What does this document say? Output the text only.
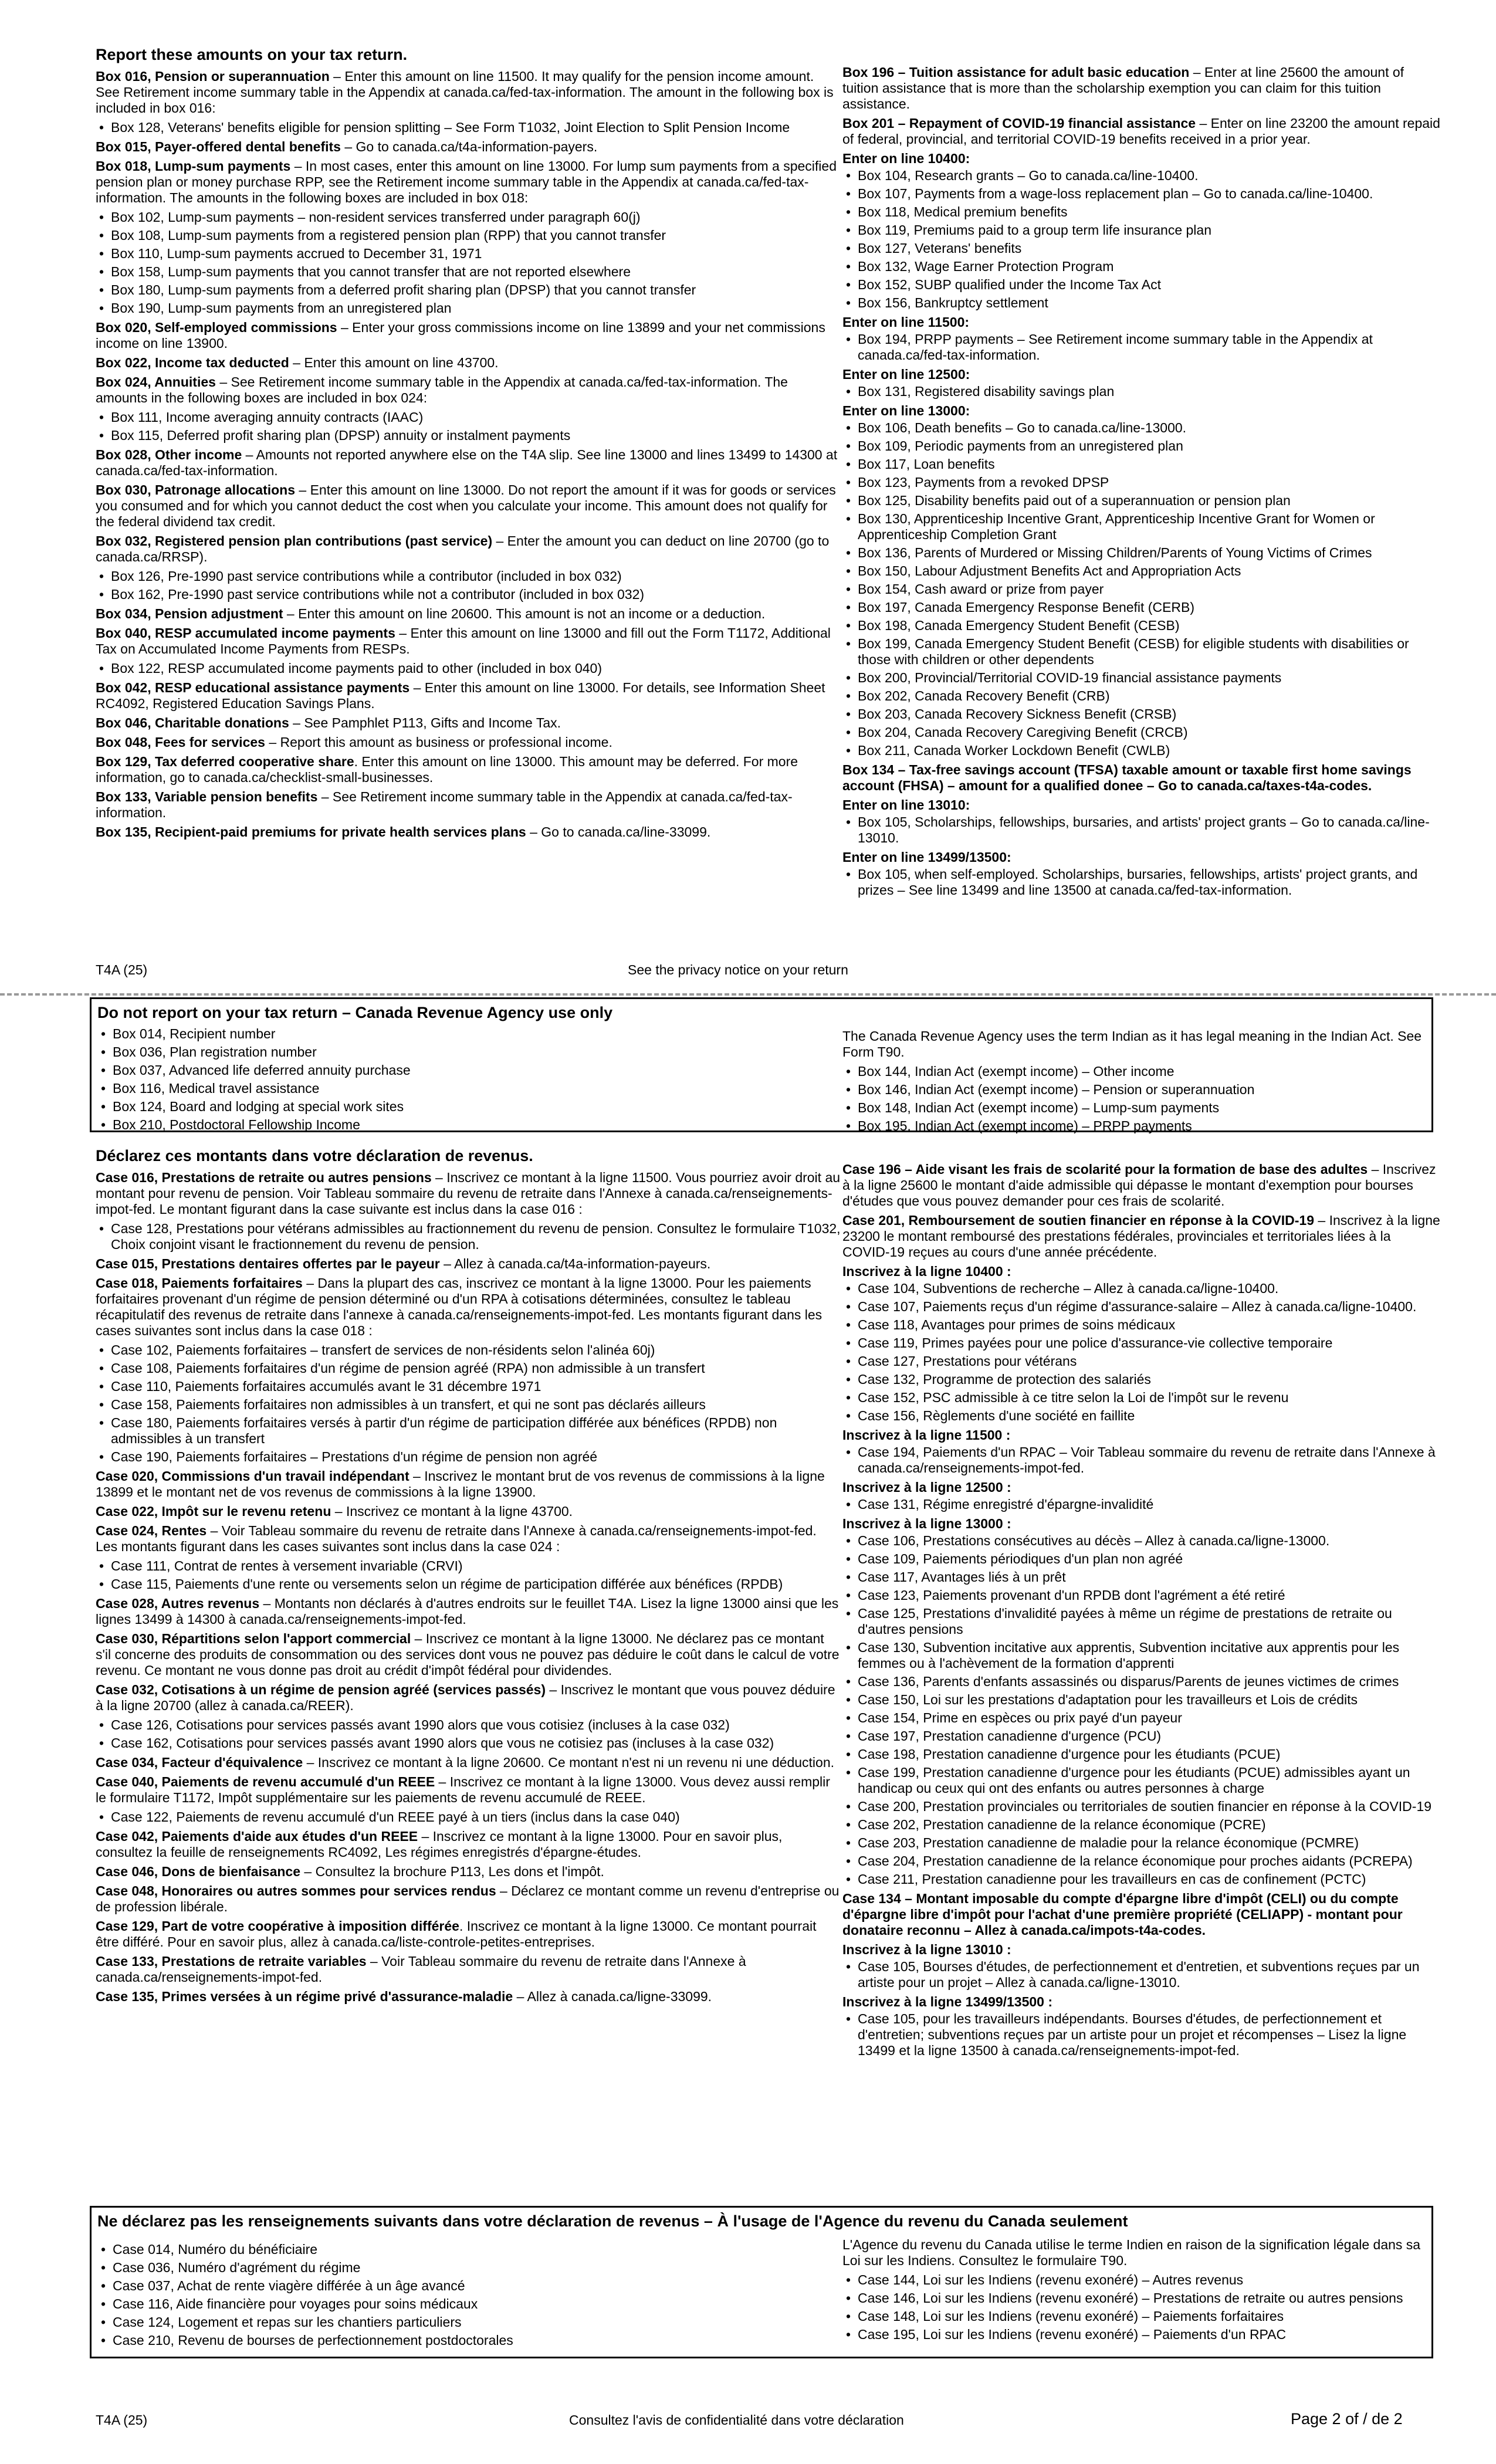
Report these amounts on your tax return.
Box 016, Pension or superannuation – Enter this amount on line 11500. It may qualify for the pension income amount. See Retirement income summary table in the Appendix at canada.ca/fed-tax-information. The amount in the following box is included in box 016:
• Box 128, Veterans' benefits eligible for pension splitting – See Form T1032, Joint Election to Split Pension Income
Box 015, Payer-offered dental benefits – Go to canada.ca/t4a-information-payers.
Box 018, Lump-sum payments – In most cases, enter this amount on line 13000. For lump sum payments from a specified pension plan or money purchase RPP, see the Retirement income summary table in the Appendix at canada.ca/fed-tax-information. The amounts in the following boxes are included in box 018:
• Box 102, Lump-sum payments – non-resident services transferred under paragraph 60(j)
• Box 108, Lump-sum payments from a registered pension plan (RPP) that you cannot transfer
• Box 110, Lump-sum payments accrued to December 31, 1971
• Box 158, Lump-sum payments that you cannot transfer that are not reported elsewhere
• Box 180, Lump-sum payments from a deferred profit sharing plan (DPSP) that you cannot transfer
• Box 190, Lump-sum payments from an unregistered plan
Box 020, Self-employed commissions – Enter your gross commissions income on line 13899 and your net commissions income on line 13900.
Box 022, Income tax deducted – Enter this amount on line 43700.
Box 024, Annuities – See Retirement income summary table in the Appendix at canada.ca/fed-tax-information. The amounts in the following boxes are included in box 024:
• Box 111, Income averaging annuity contracts (IAAC)
• Box 115, Deferred profit sharing plan (DPSP) annuity or instalment payments
Box 028, Other income – Amounts not reported anywhere else on the T4A slip. See line 13000 and lines 13499 to 14300 at canada.ca/fed-tax-information.
Box 030, Patronage allocations – Enter this amount on line 13000. Do not report the amount if it was for goods or services you consumed and for which you cannot deduct the cost when you calculate your income. This amount does not qualify for the federal dividend tax credit.
Box 032, Registered pension plan contributions (past service) – Enter the amount you can deduct on line 20700 (go to canada.ca/RRSP).
• Box 126, Pre-1990 past service contributions while a contributor (included in box 032)
• Box 162, Pre-1990 past service contributions while not a contributor (included in box 032)
Box 034, Pension adjustment – Enter this amount on line 20600. This amount is not an income or a deduction.
Box 040, RESP accumulated income payments – Enter this amount on line 13000 and fill out the Form T1172, Additional Tax on Accumulated Income Payments from RESPs.
• Box 122, RESP accumulated income payments paid to other (included in box 040)
Box 042, RESP educational assistance payments – Enter this amount on line 13000. For details, see Information Sheet RC4092, Registered Education Savings Plans.
Box 046, Charitable donations – See Pamphlet P113, Gifts and Income Tax.
Box 048, Fees for services – Report this amount as business or professional income.
Box 129, Tax deferred cooperative share. Enter this amount on line 13000. This amount may be deferred. For more information, go to canada.ca/checklist-small-businesses.
Box 133, Variable pension benefits – See Retirement income summary table in the Appendix at canada.ca/fed-tax-information.
Box 135, Recipient-paid premiums for private health services plans – Go to canada.ca/line-33099.
Box 196 – Tuition assistance for adult basic education – Enter at line 25600 the amount of tuition assistance that is more than the scholarship exemption you can claim for this tuition assistance.
Box 201 – Repayment of COVID-19 financial assistance – Enter on line 23200 the amount repaid of federal, provincial, and territorial COVID-19 benefits received in a prior year.
Enter on line 10400:
• Box 104, Research grants – Go to canada.ca/line-10400.
• Box 107, Payments from a wage-loss replacement plan – Go to canada.ca/line-10400.
• Box 118, Medical premium benefits
• Box 119, Premiums paid to a group term life insurance plan
• Box 127, Veterans' benefits
• Box 132, Wage Earner Protection Program
• Box 152, SUBP qualified under the Income Tax Act
• Box 156, Bankruptcy settlement
Enter on line 11500:
• Box 194, PRPP payments – See Retirement income summary table in the Appendix at canada.ca/fed-tax-information.
Enter on line 12500:
• Box 131, Registered disability savings plan
Enter on line 13000:
• Box 106, Death benefits – Go to canada.ca/line-13000.
• Box 109, Periodic payments from an unregistered plan
• Box 117, Loan benefits
• Box 123, Payments from a revoked DPSP
• Box 125, Disability benefits paid out of a superannuation or pension plan
• Box 130, Apprenticeship Incentive Grant, Apprenticeship Incentive Grant for Women or Apprenticeship Completion Grant
• Box 136, Parents of Murdered or Missing Children/Parents of Young Victims of Crimes
• Box 150, Labour Adjustment Benefits Act and Appropriation Acts
• Box 154, Cash award or prize from payer
• Box 197, Canada Emergency Response Benefit (CERB)
• Box 198, Canada Emergency Student Benefit (CESB)
• Box 199, Canada Emergency Student Benefit (CESB) for eligible students with disabilities or those with children or other dependents
• Box 200, Provincial/Territorial COVID-19 financial assistance payments
• Box 202, Canada Recovery Benefit (CRB)
• Box 203, Canada Recovery Sickness Benefit (CRSB)
• Box 204, Canada Recovery Caregiving Benefit (CRCB)
• Box 211, Canada Worker Lockdown Benefit (CWLB)
Box 134 – Tax-free savings account (TFSA) taxable amount or taxable first home savings account (FHSA) – amount for a qualified donee – Go to canada.ca/taxes-t4a-codes.
Enter on line 13010:
• Box 105, Scholarships, fellowships, bursaries, and artists' project grants – Go to canada.ca/line-13010.
Enter on line 13499/13500:
• Box 105, when self-employed. Scholarships, bursaries, fellowships, artists' project grants, and prizes – See line 13499 and line 13500 at canada.ca/fed-tax-information.
T4A (25)	See the privacy notice on your return
Do not report on your tax return – Canada Revenue Agency use only
• Box 014, Recipient number
• Box 036, Plan registration number
• Box 037, Advanced life deferred annuity purchase
• Box 116, Medical travel assistance
• Box 124, Board and lodging at special work sites
• Box 210, Postdoctoral Fellowship Income
The Canada Revenue Agency uses the term Indian as it has legal meaning in the Indian Act. See Form T90.
• Box 144, Indian Act (exempt income) – Other income
• Box 146, Indian Act (exempt income) – Pension or superannuation
• Box 148, Indian Act (exempt income) – Lump-sum payments
• Box 195, Indian Act (exempt income) – PRPP payments
Déclarez ces montants dans votre déclaration de revenus.
Case 016, Prestations de retraite ou autres pensions – Inscrivez ce montant à la ligne 11500. Vous pourriez avoir droit au montant pour revenu de pension. Voir Tableau sommaire du revenu de retraite dans l'Annexe à canada.ca/renseignements-impot-fed. Le montant figurant dans la case suivante est inclus dans la case 016 :
• Case 128, Prestations pour vétérans admissibles au fractionnement du revenu de pension. Consultez le formulaire T1032, Choix conjoint visant le fractionnement du revenu de pension.
Case 015, Prestations dentaires offertes par le payeur – Allez à canada.ca/t4a-information-payeurs.
Case 018, Paiements forfaitaires – Dans la plupart des cas, inscrivez ce montant à la ligne 13000. Pour les paiements forfaitaires provenant d'un régime de pension déterminé ou d'un RPA à cotisations déterminées, consultez le tableau récapitulatif des revenus de retraite dans l'annexe à canada.ca/renseignements-impot-fed. Les montants figurant dans les cases suivantes sont inclus dans la case 018 :
• Case 102, Paiements forfaitaires – transfert de services de non-résidents selon l'alinéa 60j)
• Case 108, Paiements forfaitaires d'un régime de pension agréé (RPA) non admissible à un transfert
• Case 110, Paiements forfaitaires accumulés avant le 31 décembre 1971
• Case 158, Paiements forfaitaires non admissibles à un transfert, et qui ne sont pas déclarés ailleurs
• Case 180, Paiements forfaitaires versés à partir d'un régime de participation différée aux bénéfices (RPDB) non admissibles à un transfert
• Case 190, Paiements forfaitaires – Prestations d'un régime de pension non agréé
Case 020, Commissions d'un travail indépendant – Inscrivez le montant brut de vos revenus de commissions à la ligne 13899 et le montant net de vos revenus de commissions à la ligne 13900.
Case 022, Impôt sur le revenu retenu – Inscrivez ce montant à la ligne 43700.
Case 024, Rentes – Voir Tableau sommaire du revenu de retraite dans l'Annexe à canada.ca/renseignements-impot-fed. Les montants figurant dans les cases suivantes sont inclus dans la case 024 :
• Case 111, Contrat de rentes à versement invariable (CRVI)
• Case 115, Paiements d'une rente ou versements selon un régime de participation différée aux bénéfices (RPDB)
Case 028, Autres revenus – Montants non déclarés à d'autres endroits sur le feuillet T4A. Lisez la ligne 13000 ainsi que les lignes 13499 à 14300 à canada.ca/renseignements-impot-fed.
Case 030, Répartitions selon l'apport commercial – Inscrivez ce montant à la ligne 13000. Ne déclarez pas ce montant s'il concerne des produits de consommation ou des services dont vous ne pouvez pas déduire le coût dans le calcul de votre revenu. Ce montant ne vous donne pas droit au crédit d'impôt fédéral pour dividendes.
Case 032, Cotisations à un régime de pension agréé (services passés) – Inscrivez le montant que vous pouvez déduire à la ligne 20700 (allez à canada.ca/REER).
• Case 126, Cotisations pour services passés avant 1990 alors que vous cotisiez (incluses à la case 032)
• Case 162, Cotisations pour services passés avant 1990 alors que vous ne cotisiez pas (incluses à la case 032)
Case 034, Facteur d'équivalence – Inscrivez ce montant à la ligne 20600. Ce montant n'est ni un revenu ni une déduction.
Case 040, Paiements de revenu accumulé d'un REEE – Inscrivez ce montant à la ligne 13000. Vous devez aussi remplir le formulaire T1172, Impôt supplémentaire sur les paiements de revenu accumulé de REEE.
• Case 122, Paiements de revenu accumulé d'un REEE payé à un tiers (inclus dans la case 040)
Case 042, Paiements d'aide aux études d'un REEE – Inscrivez ce montant à la ligne 13000. Pour en savoir plus, consultez la feuille de renseignements RC4092, Les régimes enregistrés d'épargne-études.
Case 046, Dons de bienfaisance – Consultez la brochure P113, Les dons et l'impôt.
Case 048, Honoraires ou autres sommes pour services rendus – Déclarez ce montant comme un revenu d'entreprise ou de profession libérale.
Case 129, Part de votre coopérative à imposition différée. Inscrivez ce montant à la ligne 13000. Ce montant pourrait être différé. Pour en savoir plus, allez à canada.ca/liste-controle-petites-entreprises.
Case 133, Prestations de retraite variables – Voir Tableau sommaire du revenu de retraite dans l'Annexe à canada.ca/renseignements-impot-fed.
Case 135, Primes versées à un régime privé d'assurance-maladie – Allez à canada.ca/ligne-33099.
Case 196 – Aide visant les frais de scolarité pour la formation de base des adultes – Inscrivez à la ligne 25600 le montant d'aide admissible qui dépasse le montant d'exemption pour bourses d'études que vous pouvez demander pour ces frais de scolarité.
Case 201, Remboursement de soutien financier en réponse à la COVID-19 – Inscrivez à la ligne 23200 le montant remboursé des prestations fédérales, provinciales et territoriales liées à la COVID-19 reçues au cours d'une année précédente.
Inscrivez à la ligne 10400 :
• Case 104, Subventions de recherche – Allez à canada.ca/ligne-10400.
• Case 107, Paiements reçus d'un régime d'assurance-salaire – Allez à canada.ca/ligne-10400.
• Case 118, Avantages pour primes de soins médicaux
• Case 119, Primes payées pour une police d'assurance-vie collective temporaire
• Case 127, Prestations pour vétérans
• Case 132, Programme de protection des salariés
• Case 152, PSC admissible à ce titre selon la Loi de l'impôt sur le revenu
• Case 156, Règlements d'une société en faillite
Inscrivez à la ligne 11500 :
• Case 194, Paiements d'un RPAC – Voir Tableau sommaire du revenu de retraite dans l'Annexe à canada.ca/renseignements-impot-fed.
Inscrivez à la ligne 12500 :
• Case 131, Régime enregistré d'épargne-invalidité
Inscrivez à la ligne 13000 :
• Case 106, Prestations consécutives au décès – Allez à canada.ca/ligne-13000.
• Case 109, Paiements périodiques d'un plan non agréé
• Case 117, Avantages liés à un prêt
• Case 123, Paiements provenant d'un RPDB dont l'agrément a été retiré
• Case 125, Prestations d'invalidité payées à même un régime de prestations de retraite ou d'autres pensions
• Case 130, Subvention incitative aux apprentis, Subvention incitative aux apprentis pour les femmes ou à l'achèvement de la formation d'apprenti
• Case 136, Parents d'enfants assassinés ou disparus/Parents de jeunes victimes de crimes
• Case 150, Loi sur les prestations d'adaptation pour les travailleurs et Lois de crédits
• Case 154, Prime en espèces ou prix payé d'un payeur
• Case 197, Prestation canadienne d'urgence (PCU)
• Case 198, Prestation canadienne d'urgence pour les étudiants (PCUE)
• Case 199, Prestation canadienne d'urgence pour les étudiants (PCUE) admissibles ayant un handicap ou ceux qui ont des enfants ou autres personnes à charge
• Case 200, Prestation provinciales ou territoriales de soutien financier en réponse à la COVID-19
• Case 202, Prestation canadienne de la relance économique (PCRE)
• Case 203, Prestation canadienne de maladie pour la relance économique (PCMRE)
• Case 204, Prestation canadienne de la relance économique pour proches aidants (PCREPA)
• Case 211, Prestation canadienne pour les travailleurs en cas de confinement (PCTC)
Case 134 – Montant imposable du compte d'épargne libre d'impôt (CELI) ou du compte d'épargne libre d'impôt pour l'achat d'une première propriété (CELIAPP) - montant pour donataire reconnu – Allez à canada.ca/impots-t4a-codes.
Inscrivez à la ligne 13010 :
• Case 105, Bourses d'études, de perfectionnement et d'entretien, et subventions reçues par un artiste pour un projet – Allez à canada.ca/ligne-13010.
Inscrivez à la ligne 13499/13500 :
• Case 105, pour les travailleurs indépendants. Bourses d'études, de perfectionnement et d'entretien; subventions reçues par un artiste pour un projet et récompenses – Lisez la ligne 13499 et la ligne 13500 à canada.ca/renseignements-impot-fed.
Ne déclarez pas les renseignements suivants dans votre déclaration de revenus – À l'usage de l'Agence du revenu du Canada seulement
• Case 014, Numéro du bénéficiaire
• Case 036, Numéro d'agrément du régime
• Case 037, Achat de rente viagère différée à un âge avancé
• Case 116, Aide financière pour voyages pour soins médicaux
• Case 124, Logement et repas sur les chantiers particuliers
• Case 210, Revenu de bourses de perfectionnement postdoctorales
L'Agence du revenu du Canada utilise le terme Indien en raison de la signification légale dans sa Loi sur les Indiens. Consultez le formulaire T90.
• Case 144, Loi sur les Indiens (revenu exonéré) – Autres revenus
• Case 146, Loi sur les Indiens (revenu exonéré) – Prestations de retraite ou autres pensions
• Case 148, Loi sur les Indiens (revenu exonéré) – Paiements forfaitaires
• Case 195, Loi sur les Indiens (revenu exonéré) – Paiements d'un RPAC
T4A (25)	Consultez l'avis de confidentialité dans votre déclaration	Page 2 of / de 2
